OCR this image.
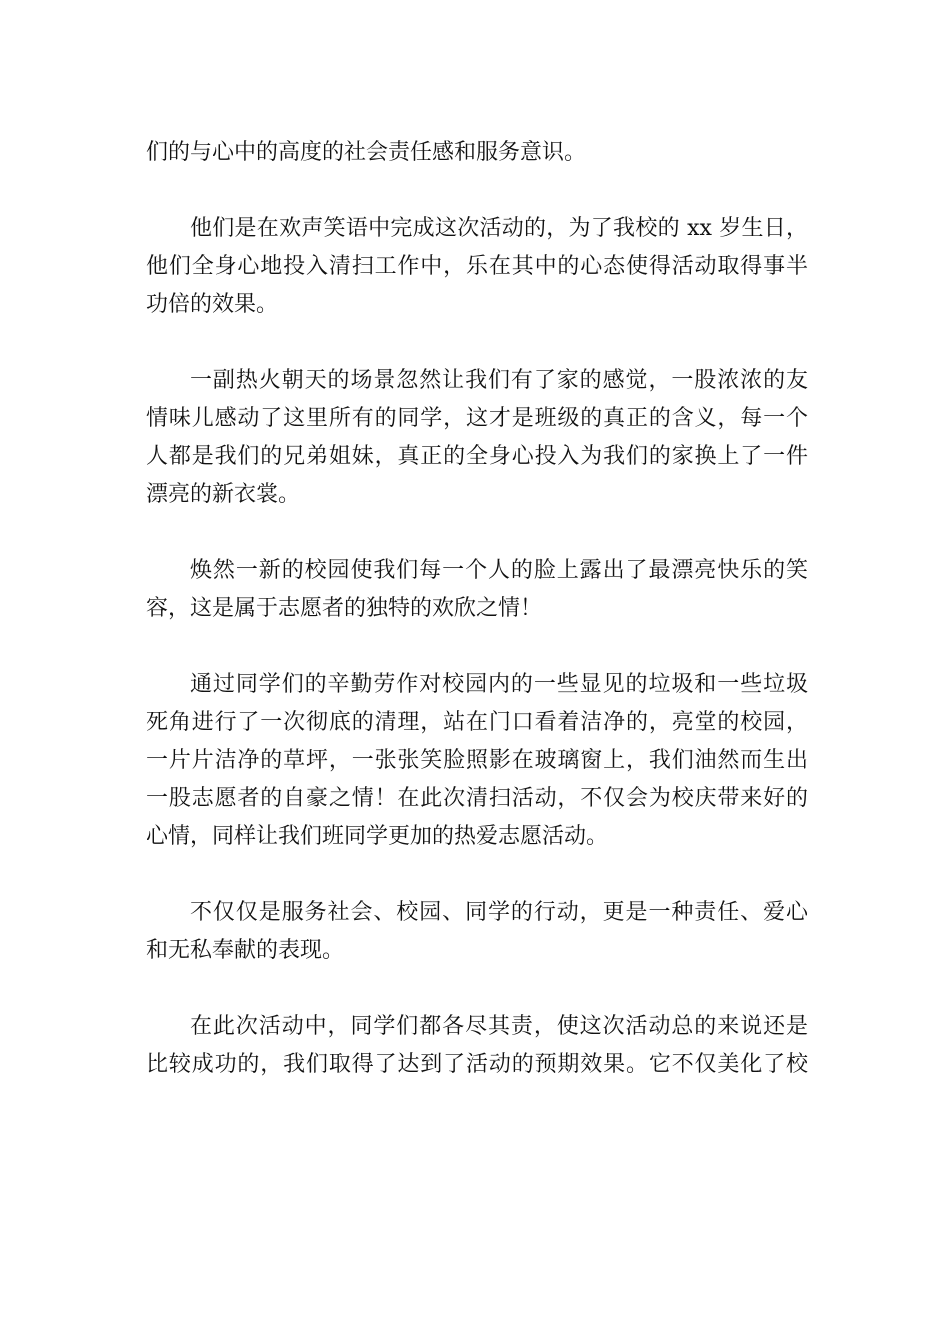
们的与心中的高度的社会责任感和服务意识。
他们是在欢声笑语中完成这次活动的，为了我校的 xx 岁生日，
他们全身心地投入清扫工作中，乐在其中的心态使得活动取得事半
功倍的效果。
一副热火朝天的场景忽然让我们有了家的感觉，一股浓浓的友
情味儿感动了这里所有的同学，这才是班级的真正的含义，每一个
人都是我们的兄弟姐妹，真正的全身心投入为我们的家换上了一件
漂亮的新衣裳。
焕然一新的校园使我们每一个人的脸上露出了最漂亮快乐的笑
容，这是属于志愿者的独特的欢欣之情！
通过同学们的辛勤劳作对校园内的一些显见的垃圾和一些垃圾
死角进行了一次彻底的清理，站在门口看着洁净的，亮堂的校园，
一片片洁净的草坪，一张张笑脸照影在玻璃窗上，我们油然而生出
一股志愿者的自豪之情！在此次清扫活动，不仅会为校庆带来好的
心情，同样让我们班同学更加的热爱志愿活动。
不仅仅是服务社会、校园、同学的行动，更是一种责任、爱心
和无私奉献的表现。
在此次活动中，同学们都各尽其责，使这次活动总的来说还是
比较成功的，我们取得了达到了活动的预期效果。它不仅美化了校
